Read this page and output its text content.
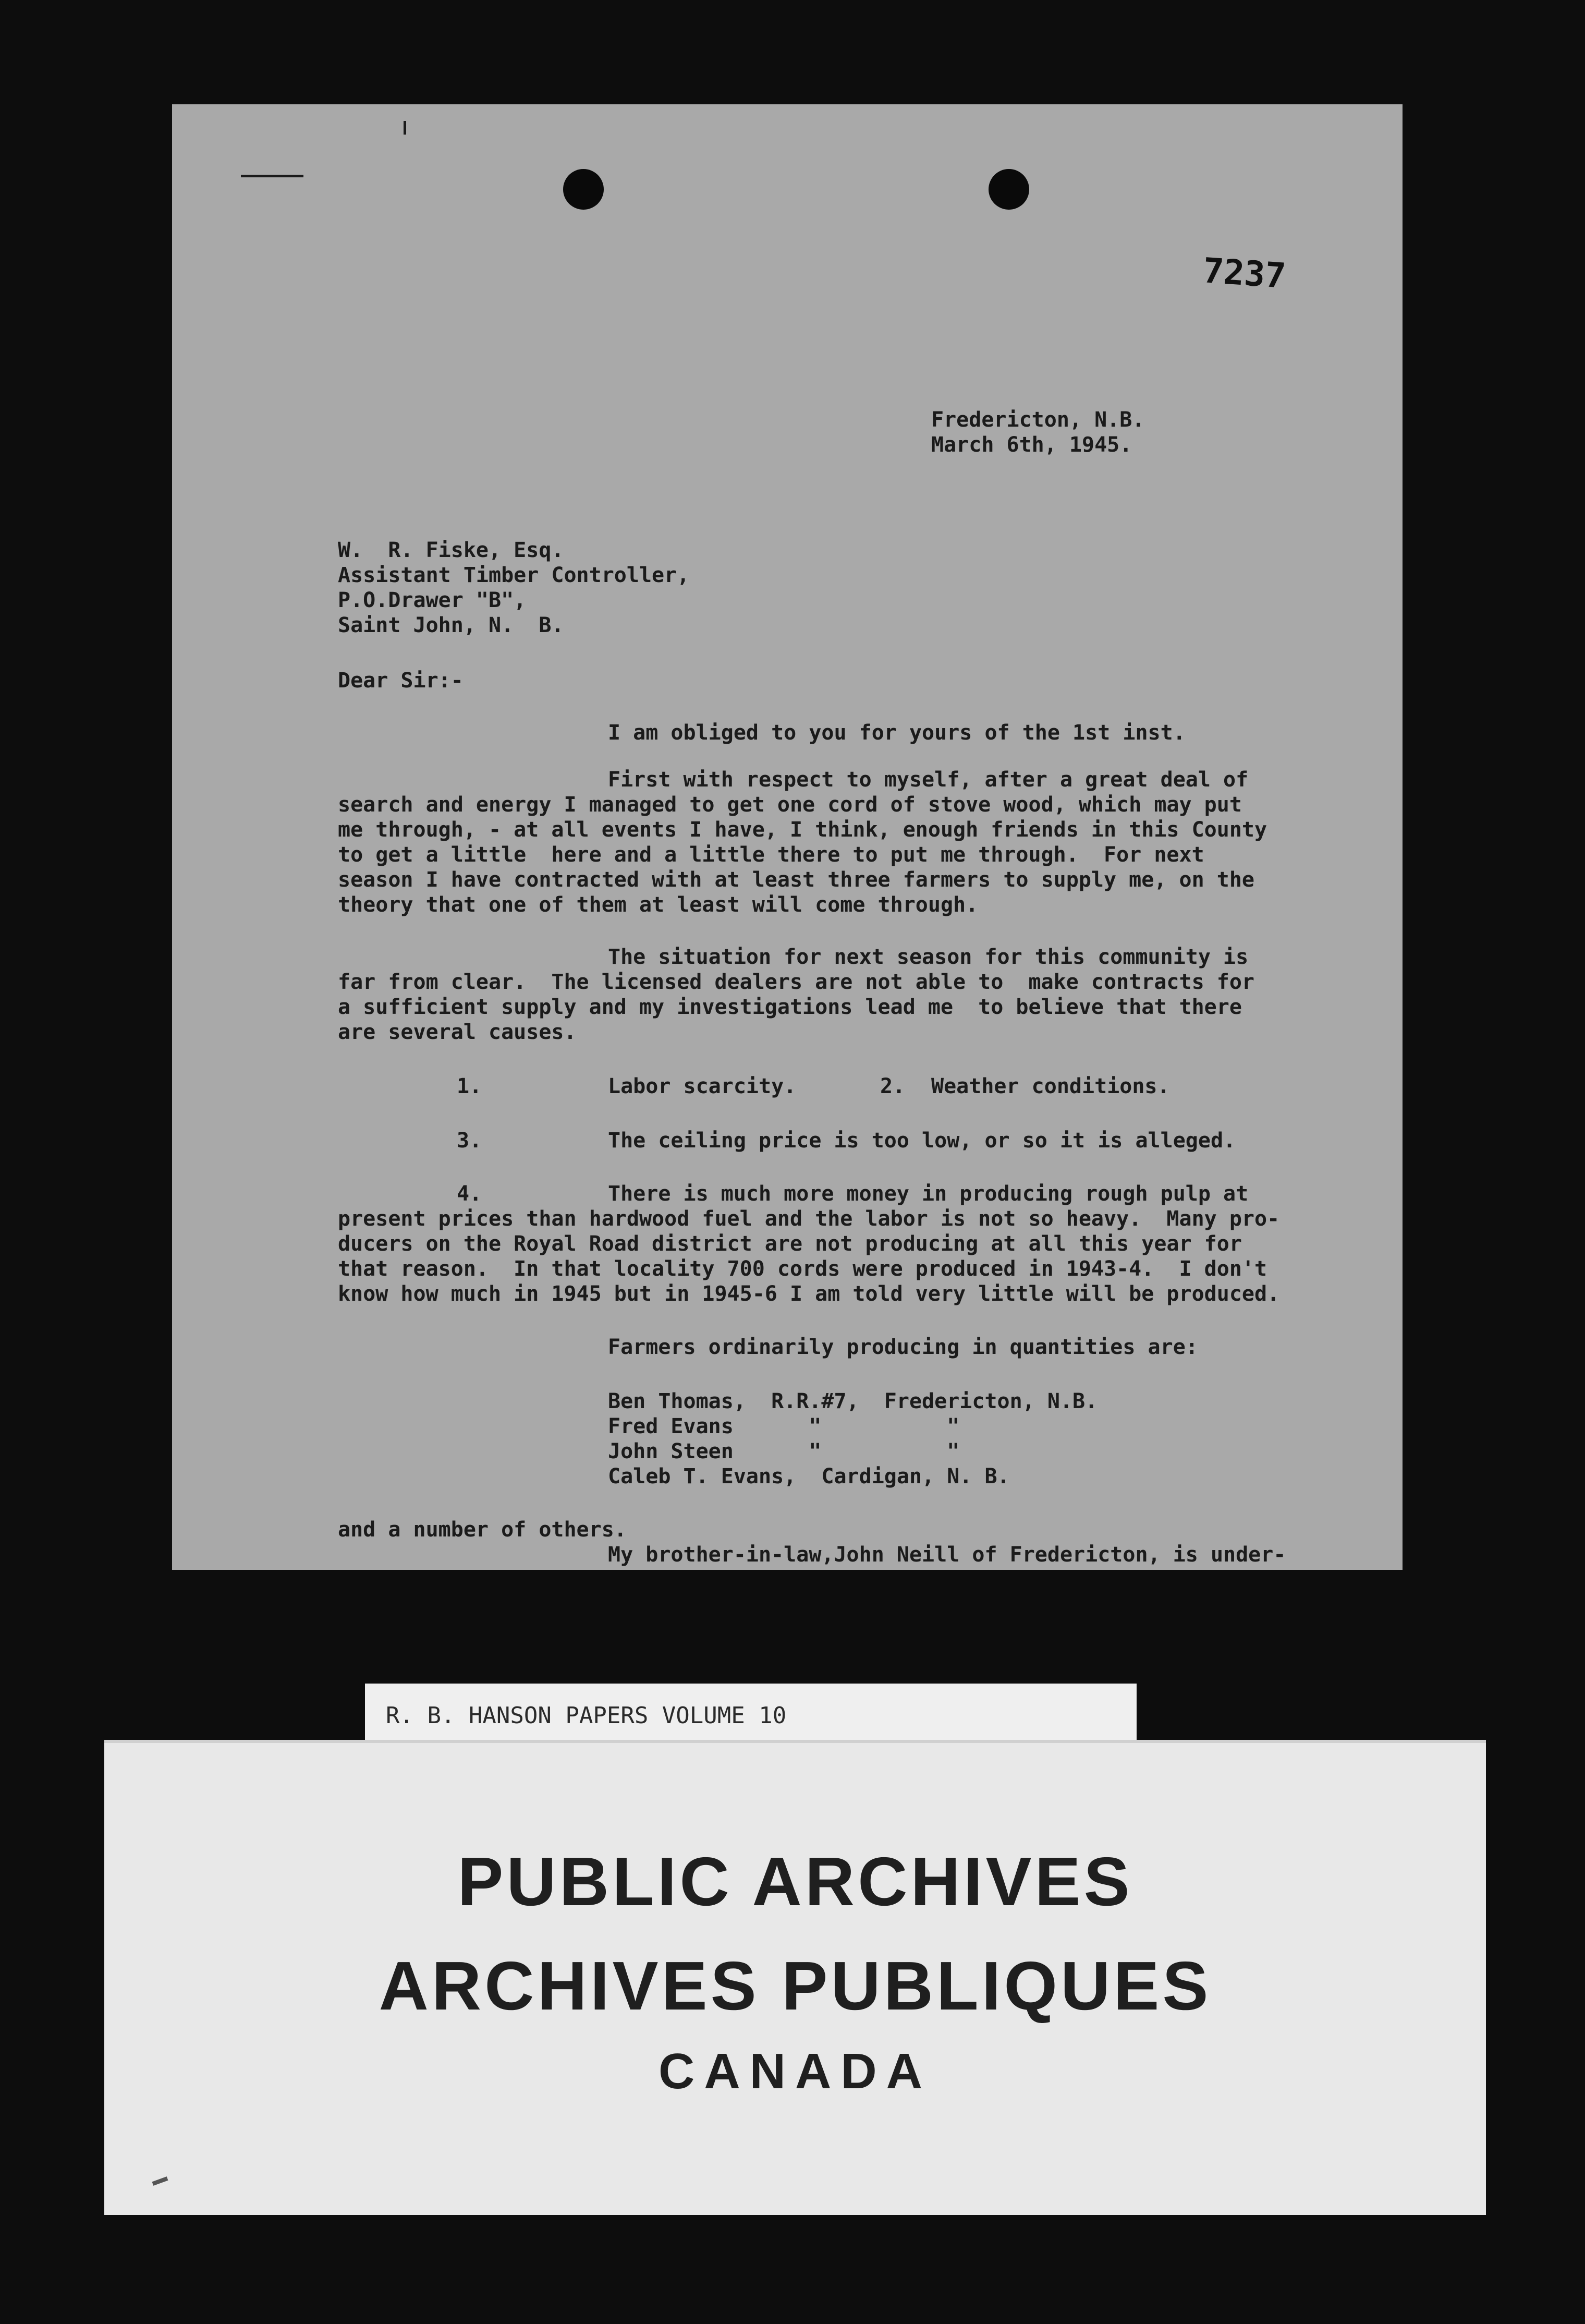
7237
Fredericton, N.B.
March 6th, 1945.
W.  R. Fiske, Esq.
Assistant Timber Controller,
P.O.Drawer "B",
Saint John, N.  B.
Dear Sir:-
I am obliged to you for yours of the 1st inst.
First with respect to myself, after a great deal of
search and energy I managed to get one cord of stove wood, which may put
me through, - at all events I have, I think, enough friends in this County
to get a little  here and a little there to put me through.  For next
season I have contracted with at least three farmers to supply me, on the
theory that one of them at least will come through.
The situation for next season for this community is
far from clear.  The licensed dealers are not able to  make contracts for
a sufficient supply and my investigations lead me  to believe that there
are several causes.
1.	Labor scarcity.	2. Weather conditions.
3.	The ceiling price is too low, or so it is alleged.
4.	There is much more money in producing rough pulp at
present prices than hardwood fuel and the labor is not so heavy.  Many pro-
ducers on the Royal Road district are not producing at all this year for
that reason.  In that locality 700 cords were produced in 1943-4.  I don't
know how much in 1945 but in 1945-6 I am told very little will be produced.
Farmers ordinarily producing in quantities are:
Ben Thomas,  R.R.#7,  Fredericton, N.B.
Fred Evans      "          "
John Steen      "          "
Caleb T. Evans,  Cardigan, N. B.
and a number of others.
My brother-in-law,John Neill of Fredericton, is under-
R. B. HANSON PAPERS VOLUME 10
PUBLIC ARCHIVES
ARCHIVES PUBLIQUES
CANADA
